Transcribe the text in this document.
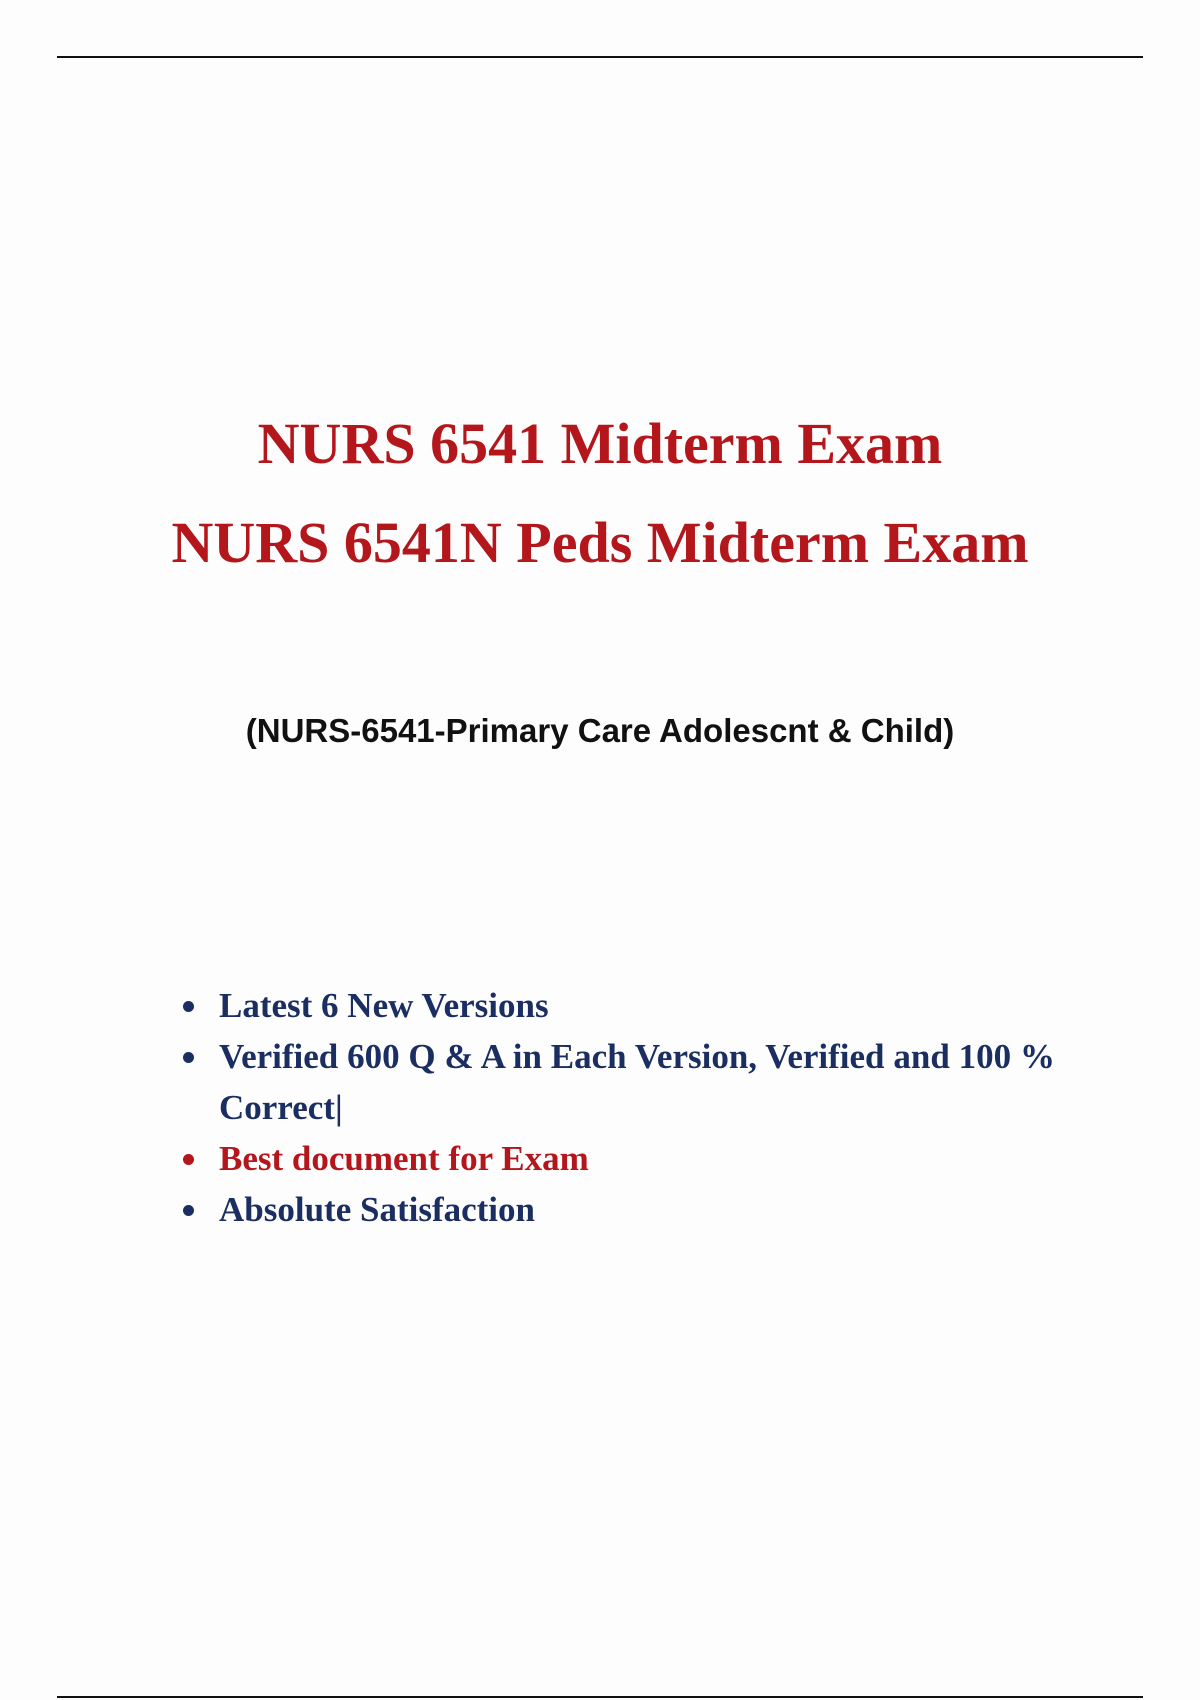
NURS 6541 Midterm Exam
NURS 6541N Peds Midterm Exam
(NURS-6541-Primary Care Adolescnt & Child)
Latest 6 New Versions
Verified 600 Q & A in Each Version, Verified and 100 % Correct|
Best document for Exam
Absolute Satisfaction
